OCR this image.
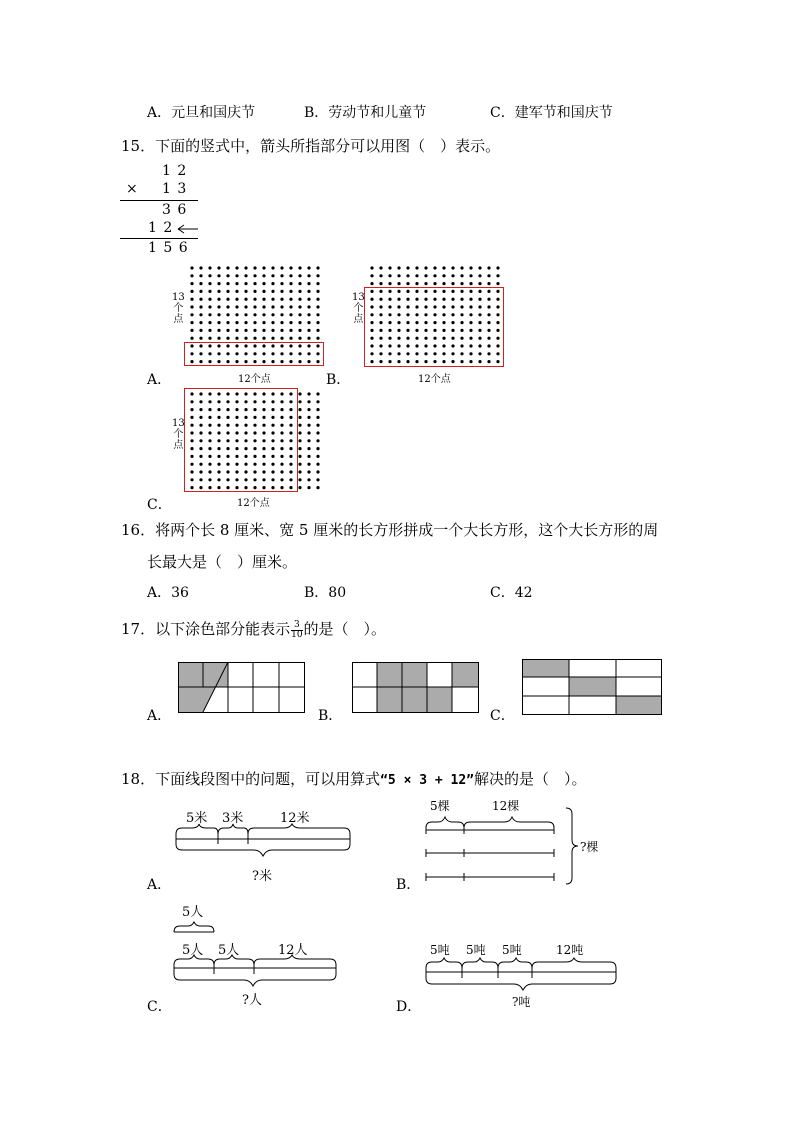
A．元旦和国庆节	B．劳动节和儿童节	C．建军节和国庆节
15．下面的竖式中，箭头所指部分可以用图（　）表示。
1 2
× 1 3
3 6
1 2
1 5 6
13
个
点
12个点
A．
13
个
点
12个点
B．
13
个
点
12个点
C．
16．将两个长 8 厘米、宽 5 厘米的长方形拼成一个大长方形，这个大长方形的周
长最大是（　）厘米。
A．36	B．80	C．42
17．以下涂色部分能表示 $\frac{3}{10}$ 的是（　）。
A．	B．	C．
18．下面线段图中的问题，可以用算式“5 × 3 + 12”解决的是（　）。
5米 3米	12米
?米
A．
5棵	12棵
?棵
B．
5人
5人 5人	12人
?人
C．
5吨 5吨 5吨	12吨
?吨
D．
